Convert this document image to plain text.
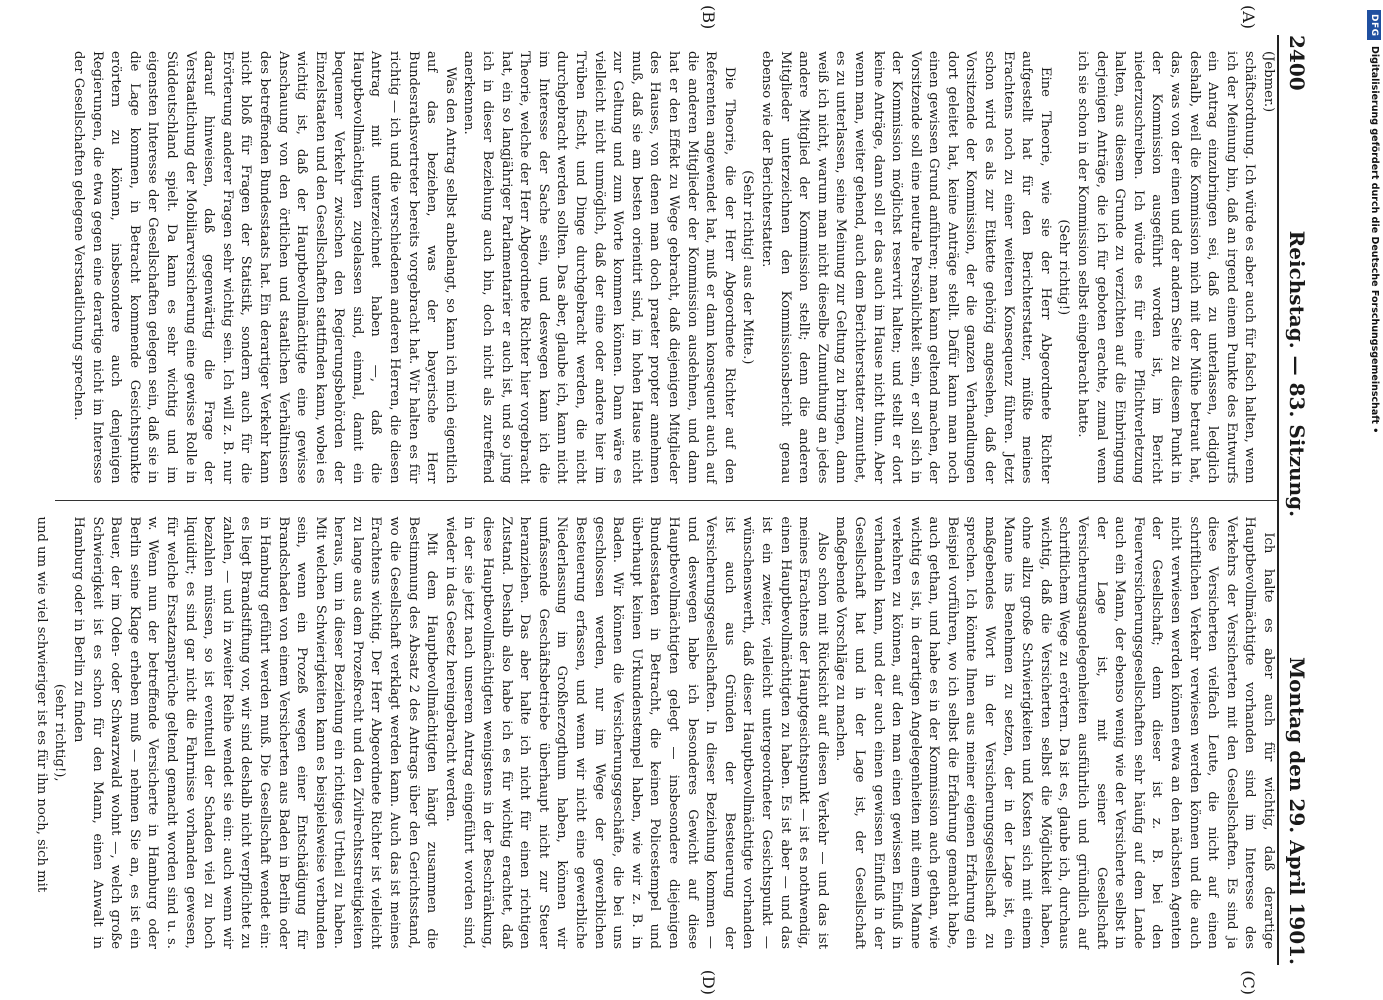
2400
Reichstag. — 83. Sitzung.
Montag den 29. April 1901.
(A)
(B)

(Jebmer.)

schäftsordnung. Ich würde es aber auch für falsch halten, wenn ich der Meinung bin, daß an irgend einem Punkte des Entwurfs ein Antrag einzubringen sei, daß zu unterlassen, lediglich deshalb, weil die Kommission mich mit der Mühe betraut hat, das, was von der einen und der andern Seite zu diesem Punkt in der Kommission ausgeführt worden ist, im Bericht niederzuschreiben. Ich würde es für eine Pflichtverletzung halten, aus diesem Grunde zu verzichten auf die Einbringung derjenigen Anträge, die ich für geboten erachte, zumal wenn ich sie schon in der Kommission selbst eingebracht hatte.

(Sehr richtig!)

Eine Theorie, wie sie der Herr Abgeordnete Richter aufgestellt hat für den Berichterstatter, müßte meines Erachtens noch zu einer weiteren Konsequenz führen. Jetzt schon wird es als zur Etikette gehörig angesehen, daß der Vorsitzende der Kommission, der die ganzen Verhandlungen dort geleitet hat, keine Anträge stellt. Dafür kann man noch einen gewissen Grund anführen; man kann geltend machen, der Vorsitzende soll eine neutrale Persönlichkeit sein, er soll sich in der Kommission möglichst reservirt halten; und stellt er dort keine Anträge, dann soll er das auch im Hause nicht thun. Aber wenn man, weiter gehend, auch dem Berichterstatter zumuthet, es zu unterlassen, seine Meinung zur Geltung zu bringen, dann weiß ich nicht, warum man nicht dieselbe Zumuthung an jedes andere Mitglied der Kommission stellt; denn die anderen Mitglieder unterzeichnen den Kommissionsbericht genau ebenso wie der Berichterstatter.

(Sehr richtig! aus der Mitte.)

Die Theorie, die der Herr Abgeordnete Richter auf den Referenten angewendet hat, muß er dann konsequent auch auf die anderen Mitglieder der Kommission ausdehnen, und dann hat er den Effekt zu Wege gebracht, daß diejenigen Mitglieder des Hauses, von denen man doch praeter propter annehmen muß, daß sie am besten orientirt sind, im hohen Hause nicht zur Geltung und zum Worte kommen können. Dann wäre es vielleicht nicht unmöglich, daß der eine oder andere hier im Trüben fischt, und Dinge durchgebracht werden, die nicht durchgebracht werden sollten. Das aber, glaube ich, kann nicht im Interesse der Sache sein, und deswegen kann ich die Theorie, welche der Herr Abgeordnete Richter hier vorgebracht hat, ein so langjähriger Parlamentarier er auch ist, und so jung ich in dieser Beziehung auch bin, doch nicht als zutreffend anerkennen.

Was den Antrag selbst anbelangt, so kann ich mich eigentlich auf das beziehen, was der bayerische Herr Bundesrathsvertreter bereits vorgebracht hat. Wir halten es für richtig — ich und die verschiedenen anderen Herren, die diesen Antrag mit unterzeichnet haben —, daß die Hauptbevollmächtigten zugelassen sind, einmal, damit ein bequemer Verkehr zwischen den Regierungsbehörden der Einzelstaaten und den Gesellschaften stattfinden kann, wobei es wichtig ist, daß der Hauptbevollmächtigte eine gewisse Anschauung von den örtlichen und staatlichen Verhältnissen des betreffenden Bundesstaats hat. Ein derartiger Verkehr kann nicht bloß für Fragen der Statistik, sondern auch für die Erörterung anderer Fragen sehr wichtig sein. Ich will z. B. nur darauf hinweisen, daß gegenwärtig die Frage der Verstaatlichung der Mobiliarversicherung eine gewisse Rolle in Süddeutschland spielt. Da kann es sehr wichtig und im eigensten Interesse der Gesellschaften gelegen sein, daß sie in die Lage kommen, in Betracht kommende Gesichtspunkte erörtern zu können, insbesondere auch denjenigen Regierungen, die etwa gegen eine derartige nicht im Interesse der Gesellschaften gelegene Verstaatlichung sprechen.

(C)
(D)

Ich halte es aber auch für wichtig, daß derartige Hauptbevollmächtigte vorhanden sind im Interesse des Verkehrs der Versicherten mit den Gesellschaften. Es sind ja diese Versicherten vielfach Leute, die nicht auf einen schriftlichen Verkehr verwiesen werden können und die auch nicht verwiesen werden können etwa an den nächsten Agenten der Gesellschaft; denn dieser ist z. B. bei den Feuerversicherungsgesellschaften sehr häufig auf dem Lande auch ein Mann, der ebenso wenig wie der Versicherte selbst in der Lage ist, mit seiner Gesellschaft Versicherungsangelegenheiten ausführlich und gründlich auf schriftlichem Wege zu erörtern. Da ist es, glaube ich, durchaus wichtig, daß die Versicherten selbst die Möglichkeit haben, ohne allzu große Schwierigkeiten und Kosten sich mit einem Manne ins Benehmen zu setzen, der in der Lage ist, ein maßgebendes Wort in der Versicherungsgesellschaft zu sprechen. Ich könnte Ihnen aus meiner eigenen Erfahrung ein Beispiel vorführen, wo ich selbst die Erfahrung gemacht habe, auch gethan, und habe es in der Kommission auch gethan, wie wichtig es ist, in derartigen Angelegenheiten mit einem Manne verkehren zu können, auf den man einen gewissen Einfluß in verhandeln kann, und der auch einen gewissen Einfluß in der Gesellschaft hat und in der Lage ist, der Gesellschaft maßgebende Vorschläge zu machen.

Also schon mit Rücksicht auf diesen Verkehr — und das ist meines Erachtens der Hauptgesichtspunkt — ist es nothwendig, einen Hauptbevollmächtigten zu haben. Es ist aber — und das ist ein zweiter, vielleicht untergeordneter Gesichtspunkt — wünschenswerth, daß dieser Hauptbevollmächtigte vorhanden ist auch aus Gründen der Besteuerung der Versicherungsgesellschaften. In dieser Beziehung kommen — und deswegen habe ich besonderes Gewicht auf diese Hauptbevollmächtigten gelegt — insbesondere diejenigen Bundesstaaten in Betracht, die keinen Policestempel und überhaupt keinen Urkundenstempel haben, wie wir z. B. in Baden. Wir können die Versicherungsgeschäfte, die bei uns geschlossen werden, nur im Wege der gewerblichen Besteuerung erfassen, und wenn wir nicht eine gewerbliche Niederlassung im Großherzogthum haben, können wir umfassende Geschäftsbetriebe überhaupt nicht zur Steuer heranziehen. Das aber halte ich nicht für einen richtigen Zustand. Deshalb also habe ich es für wichtig erachtet, daß diese Hauptbevollmächtigten wenigstens in der Beschränkung, in der sie jetzt nach unserem Antrag eingeführt worden sind, wieder in das Gesetz hereingebracht werden.

Mit dem Hauptbevollmächtigten hängt zusammen die Bestimmung des Absatz 2 des Antrags über den Gerichtsstand, wo die Gesellschaft verklagt werden kann. Auch das ist meines Erachtens wichtig. Der Herr Abgeordnete Richter ist vielleicht zu lange aus dem Prozeßrecht und den Zivilrechtsstreitigkeiten heraus, um in dieser Beziehung ein richtiges Urtheil zu haben. Mit welchen Schwierigkeiten kann es beispielsweise verbunden sein, wenn ein Prozeß wegen einer Entschädigung für Brandschaden von einem Versicherten aus Baden in Berlin oder in Hamburg geführt werden muß. Die Gesellschaft wendet ein: es liegt Brandstiftung vor, wir sind deshalb nicht verpflichtet zu zahlen, — und in zweiter Reihe wendet sie ein: auch wenn wir bezahlen müssen, so ist eventuell der Schaden viel zu hoch liquidirt; es sind gar nicht die Fahrnisse vorhanden gewesen, für welche Ersatzansprüche geltend gemacht worden sind u. s. w. Wenn nun der betreffende Versicherte in Hamburg oder Berlin seine Klage erheben muß — nehmen Sie an, es ist ein Bauer, der im Oden- oder Schwarzwald wohnt —, welch große Schwierigkeit ist es schon für den Mann, einen Anwalt in Hamburg oder in Berlin zu finden

(sehr richtig!),

und um wie viel schwieriger ist es für ihn noch, sich mit

DFG
Digitalisierung gefördert durch die Deutsche Forschungsgemeinschaft •
